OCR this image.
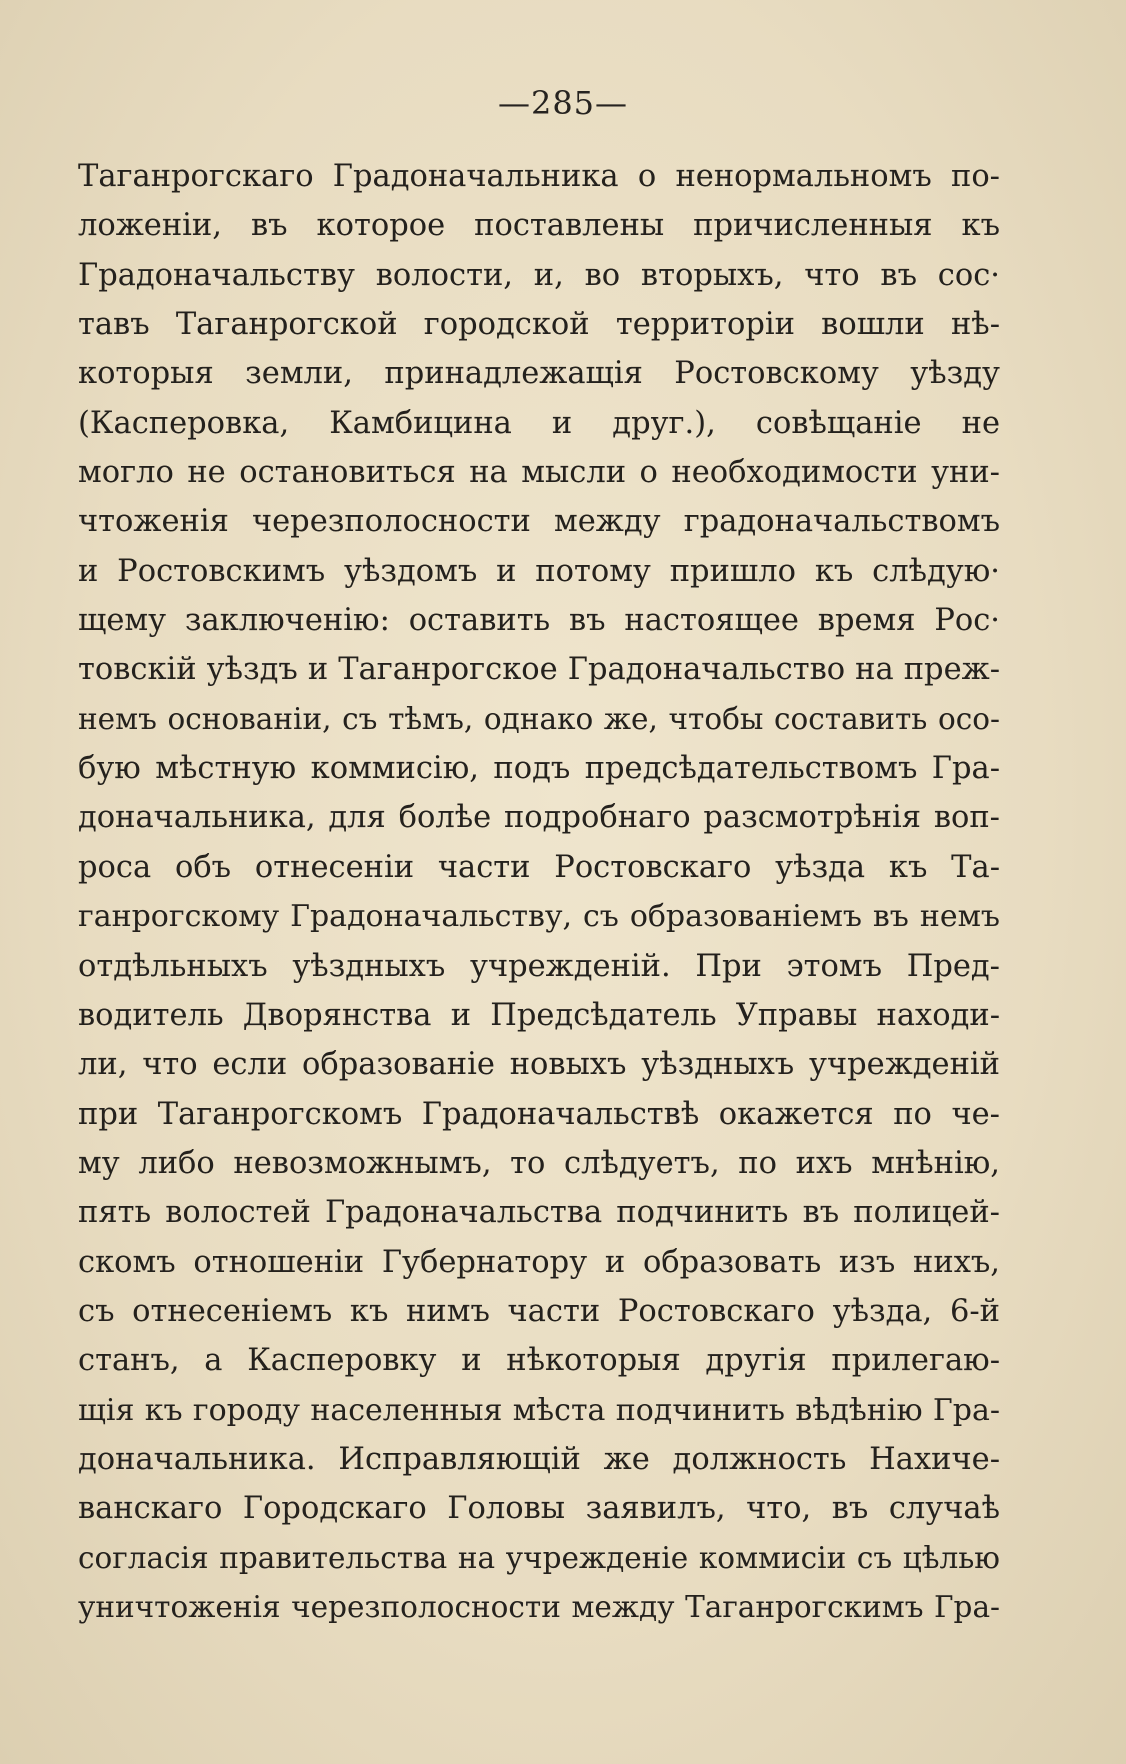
—285—
Таганрогскаго Градоначальника о ненормальномъ по-
ложеніи, въ которое поставлены причисленныя къ
Градоначальству волости, и, во вторыхъ, что въ сос·
тавъ Таганрогской городской территоріи вошли нѣ-
которыя земли, принадлежащія Ростовскому уѣзду
(Касперовка, Камбицина и друг.), совѣщаніе не
могло не остановиться на мысли о необходимости уни-
чтоженія черезполосности между градоначальствомъ
и Ростовскимъ уѣздомъ и потому пришло къ слѣдую·
щему заключенію: оставить въ настоящее время Рос·
товскій уѣздъ и Таганрогское Градоначальство на преж-
немъ основаніи, съ тѣмъ, однако же, чтобы составить осо-
бую мѣстную коммисію, подъ предсѣдательствомъ Гра-
доначальника, для болѣе подробнаго разсмотрѣнія воп-
роса объ отнесеніи части Ростовскаго уѣзда къ Та-
ганрогскому Градоначальству, съ образованіемъ въ немъ
отдѣльныхъ уѣздныхъ учрежденій. При этомъ Пред-
водитель Дворянства и Предсѣдатель Управы находи-
ли, что если образованіе новыхъ уѣздныхъ учрежденій
при Таганрогскомъ Градоначальствѣ окажется по че-
му либо невозможнымъ, то слѣдуетъ, по ихъ мнѣнію,
пять волостей Градоначальства подчинить въ полицей-
скомъ отношеніи Губернатору и образовать изъ нихъ,
съ отнесеніемъ къ нимъ части Ростовскаго уѣзда, 6-й
станъ, а Касперовку и нѣкоторыя другія прилегаю-
щія къ городу населенныя мѣста подчинить вѣдѣнію Гра-
доначальника. Исправляющій же должность Нахиче-
ванскаго Городскаго Головы заявилъ, что, въ случаѣ
согласія правительства на учрежденіе коммисіи съ цѣлью
уничтоженія черезполосности между Таганрогскимъ Гра-
